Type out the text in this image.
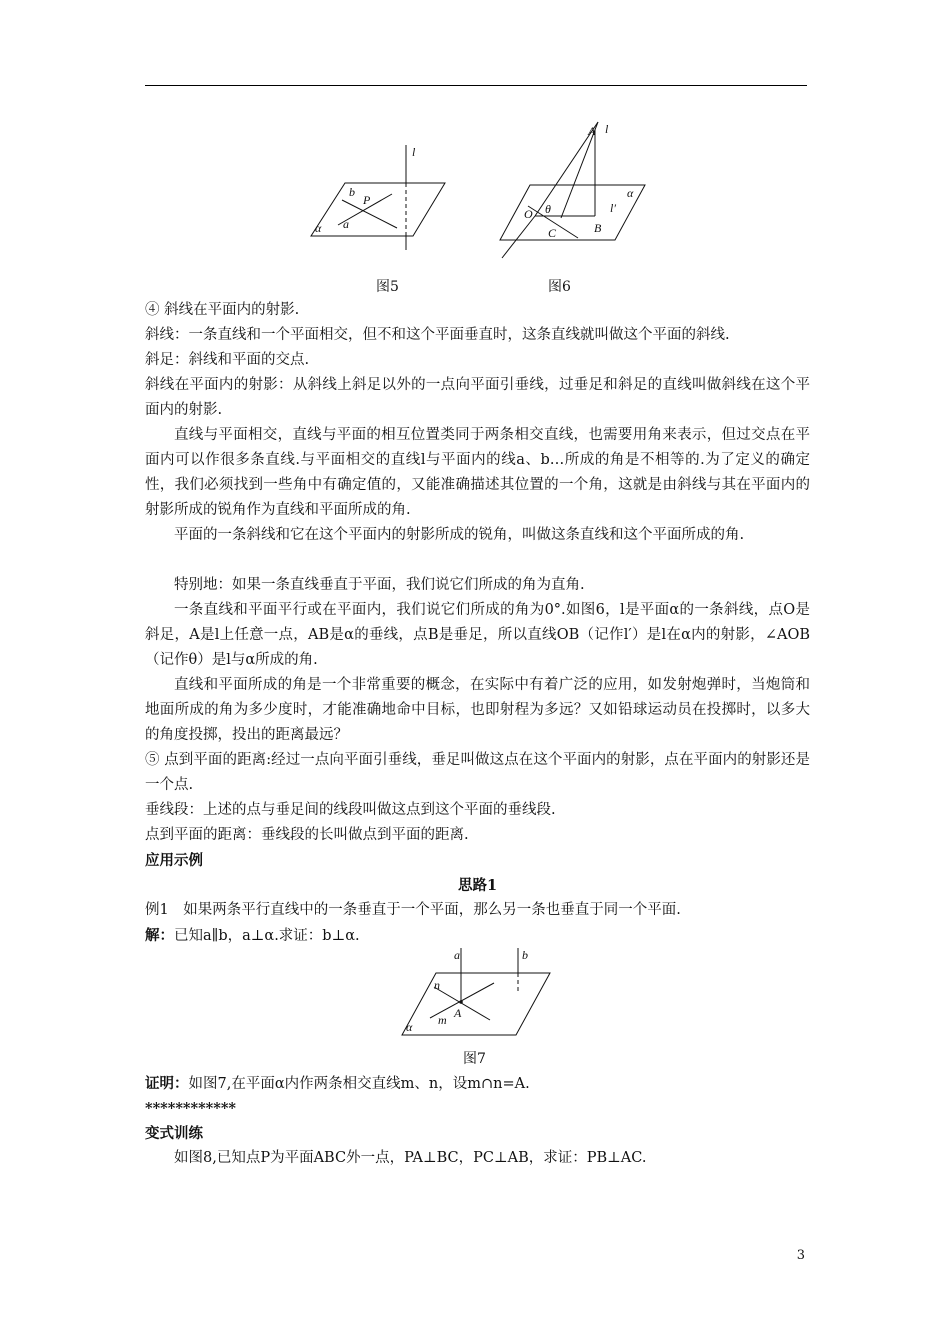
l
b
P
a
α
图5
A l
α
O θ	l′
B
C
图6
④ 斜线在平面内的射影.
斜线：一条直线和一个平面相交，但不和这个平面垂直时，这条直线就叫做这个平面的斜线.
斜足：斜线和平面的交点.
斜线在平面内的射影：从斜线上斜足以外的一点向平面引垂线，过垂足和斜足的直线叫做斜线在这个平面内的射影.
直线与平面相交，直线与平面的相互位置类同于两条相交直线，也需要用角来表示，但过交点在平面内可以作很多条直线.与平面相交的直线l与平面内的线a、b…所成的角是不相等的.为了定义的确定性，我们必须找到一些角中有确定值的，又能准确描述其位置的一个角，这就是由斜线与其在平面内的射影所成的锐角作为直线和平面所成的角.
平面的一条斜线和它在这个平面内的射影所成的锐角，叫做这条直线和这个平面所成的角.
特别地：如果一条直线垂直于平面，我们说它们所成的角为直角.
一条直线和平面平行或在平面内，我们说它们所成的角为0°.如图6，l是平面α的一条斜线，点O是斜足，A是l上任意一点，AB是α的垂线，点B是垂足，所以直线OB（记作l′）是l在α内的射影，∠AOB（记作θ）是l与α所成的角.
直线和平面所成的角是一个非常重要的概念，在实际中有着广泛的应用，如发射炮弹时，当炮筒和地面所成的角为多少度时，才能准确地命中目标，也即射程为多远？又如铅球运动员在投掷时，以多大的角度投掷，投出的距离最远？
⑤ 点到平面的距离:经过一点向平面引垂线，垂足叫做这点在这个平面内的射影，点在平面内的射影还是一个点.
垂线段：上述的点与垂足间的线段叫做这点到这个平面的垂线段.
点到平面的距离：垂线段的长叫做点到平面的距离.
应用示例
思路1
例1　如果两条平行直线中的一条垂直于一个平面，那么另一条也垂直于同一个平面.
解：已知a∥b，a⊥α.求证：b⊥α.
a	b
n
A
m
α
图7
证明：如图7,在平面α内作两条相交直线m、n，设m∩n=A.
************
变式训练
如图8,已知点P为平面ABC外一点，PA⊥BC，PC⊥AB，求证：PB⊥AC.
3
